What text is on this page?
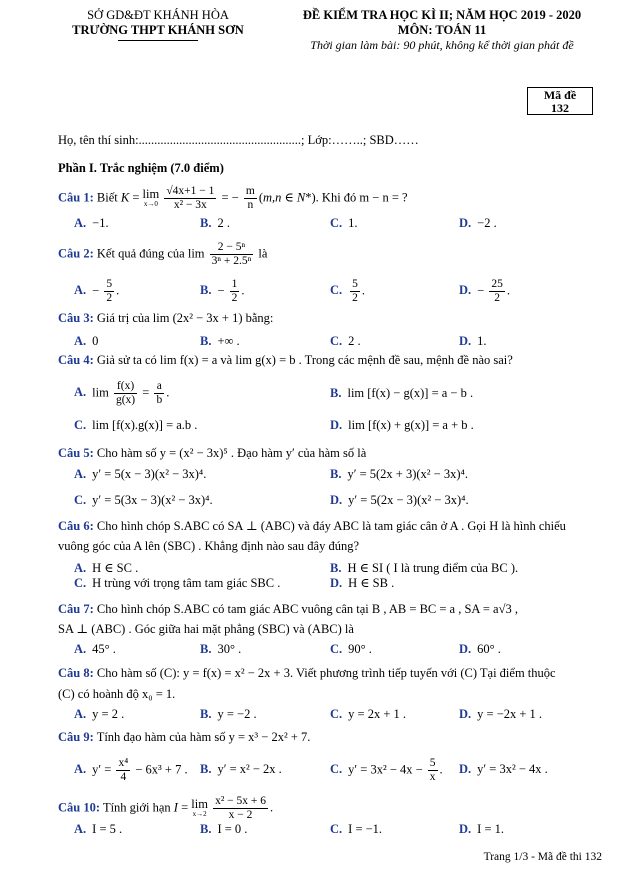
SỞ GD&ĐT KHÁNH HÒA
TRƯỜNG THPT KHÁNH SƠN
ĐỀ KIỂM TRA HỌC KÌ II; NĂM HỌC 2019 - 2020
MÔN: TOÁN 11
Thời gian làm bài: 90 phút, không kể thời gian phát đề
Mã đề
132
Họ, tên thí sinh:....................................................; Lớp:……..; SBD……
Phần I. Trắc nghiệm (7.0 điểm)
Câu 1: Biết K = lim
x→0
$\frac{√4x+1 - 1}{\text{x² − 3x}}$ = − $\frac{m}{n} (m,n$ ∈ N*). Khi đó m − n = ?
A. −1.	B. 2 .	C. 1.	D. −2 .
Câu 2: Kết quả đúng của $\lim \frac{\text{2 − 5ⁿ}}{\text{3ⁿ + 2.5ⁿ}}$ là
A. − $\frac{5}{2}$ .	B. − $\frac{1}{2}$ .	C. $\frac{5}{2}$ .	D. − $\frac{25}{2}$ .
Câu 3: Giá trị của lim (2x² − 3x + 1) bằng:
A. 0	B. +∞ .	C. 2 .	D. 1.
Câu 4: Giả sử ta có lim f(x) = a và lim g(x) = b . Trong các mệnh đề sau, mệnh đề nào sai?
A. $\lim \frac{f(x)}{g(x)} = \frac{a}{b}$ .	B. lim [f(x) − g(x)] = a − b .
C. lim [f(x).g(x)] = a.b .	D. lim [f(x) + g(x)] = a + b .
Câu 5: Cho hàm số y = (x² − 3x)⁵ . Đạo hàm y′ của hàm số là
A. y′ = 5(x − 3)(x² − 3x)⁴.	B. y′ = 5(2x + 3)(x² − 3x)⁴.
C. y′ = 5(3x − 3)(x² − 3x)⁴.	D. y′ = 5(2x − 3)(x² − 3x)⁴.
Câu 6: Cho hình chóp S.ABC có SA ⊥ (ABC) và đáy ABC là tam giác cân ở A . Gọi H là hình chiếu
vuông góc của A lên (SBC) . Khẳng định nào sau đây đúng?
A. H ∈ SC .	B. H ∈ SI ( I là trung điểm của BC ).
C. H trùng với trọng tâm tam giác SBC .	D. H ∈ SB .
Câu 7: Cho hình chóp S.ABC có tam giác ABC vuông cân tại B , AB = BC = a , SA = a√3 ,
SA ⊥ (ABC) . Góc giữa hai mặt phẳng (SBC) và (ABC) là
A. 45° .	B. 30° .	C. 90° .	D. 60° .
Câu 8: Cho hàm số (C): y = f(x) = x² − 2x + 3. Viết phương trình tiếp tuyến với (C) Tại điểm thuộc
(C) có hoành độ x₀ = 1.
A. y = 2 .	B. y = −2 .	C. y = 2x + 1 .	D. y = −2x + 1 .
Câu 9: Tính đạo hàm của hàm số y = x³ − 2x² + 7.
A. $y' = \frac{\text{x⁴}}{4} - 6x^3 + 7$ . B. y′ = x² − 2x .	C. $y' = 3x^2 - 4x - \frac{5}{x}$ . D. y′ = 3x² − 4x .
Câu 10: Tính giới hạn I = lim
x→2
$\frac{\text{x² − 5x + 6}}{x - 2}$ .
A. I = 5 .	B. I = 0 .	C. I = −1.	D. I = 1.
Trang 1/3 - Mã đề thi 132
